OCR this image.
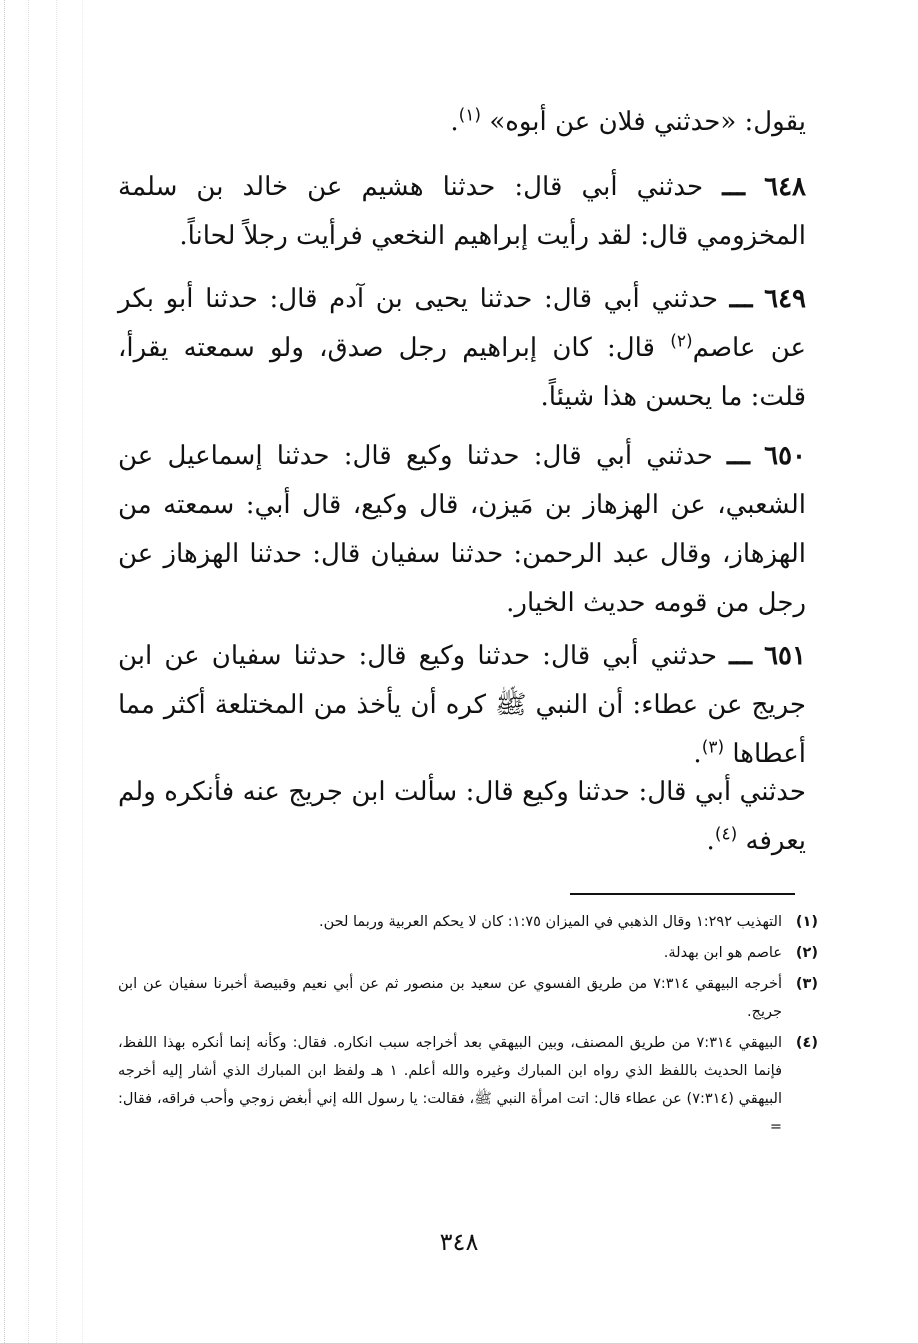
يقول: «حدثني فلان عن أبوه» $^{(١)}$.

٦٤٨ ـــ حدثني أبي قال: حدثنا هشيم عن خالد بن سلمة المخزومي قال: لقد رأيت إبراهيم النخعي فرأيت رجلاً لحاناً.

٦٤٩ ـــ حدثني أبي قال: حدثنا يحيى بن آدم قال: حدثنا أبو بكر عن عاصم$^{(٢)}$ قال: كان إبراهيم رجل صدق، ولو سمعته يقرأ، قلت: ما يحسن هذا شيئاً.

٦٥٠ ـــ حدثني أبي قال: حدثنا وكيع قال: حدثنا إسماعيل عن الشعبي، عن الهزهاز بن مَيزن، قال وكيع، قال أبي: سمعته من الهزهاز، وقال عبد الرحمن: حدثنا سفيان قال: حدثنا الهزهاز عن رجل من قومه حديث الخيار.

٦٥١ ـــ حدثني أبي قال: حدثنا وكيع قال: حدثنا سفيان عن ابن جريج عن عطاء: أن النبي ﷺ كره أن يأخذ من المختلعة أكثر مما أعطاها $^{(٣)}$.

حدثني أبي قال: حدثنا وكيع قال: سألت ابن جريج عنه فأنكره ولم يعرفه $^{(٤)}$.

(١)
التهذيب ١:٢٩٢ وقال الذهبي في الميزان ١:٧٥: كان لا يحكم العربية وربما لحن.
(٢)
عاصم هو ابن بهدلة.
(٣)
أخرجه البيهقي ٧:٣١٤ من طريق الفسوي عن سعيد بن منصور ثم عن أبي نعيم وقبيصة أخبرنا سفيان عن ابن جريج.
(٤)
البيهقي ٧:٣١٤ من طريق المصنف، وبين البيهقي بعد أخراجه سبب انكاره. فقال: وكأنه إنما أنكره بهذا اللفظ، فإنما الحديث باللفظ الذي رواه ابن المبارك وغيره والله أعلم. ١ هـ ولفظ ابن المبارك الذي أشار إليه أخرجه البيهقي (٧:٣١٤) عن عطاء قال: اتت امرأة النبي ﷺ، فقالت: يا رسول الله إني أبغض زوجي وأحب فراقه، فقال: =
٣٤٨
